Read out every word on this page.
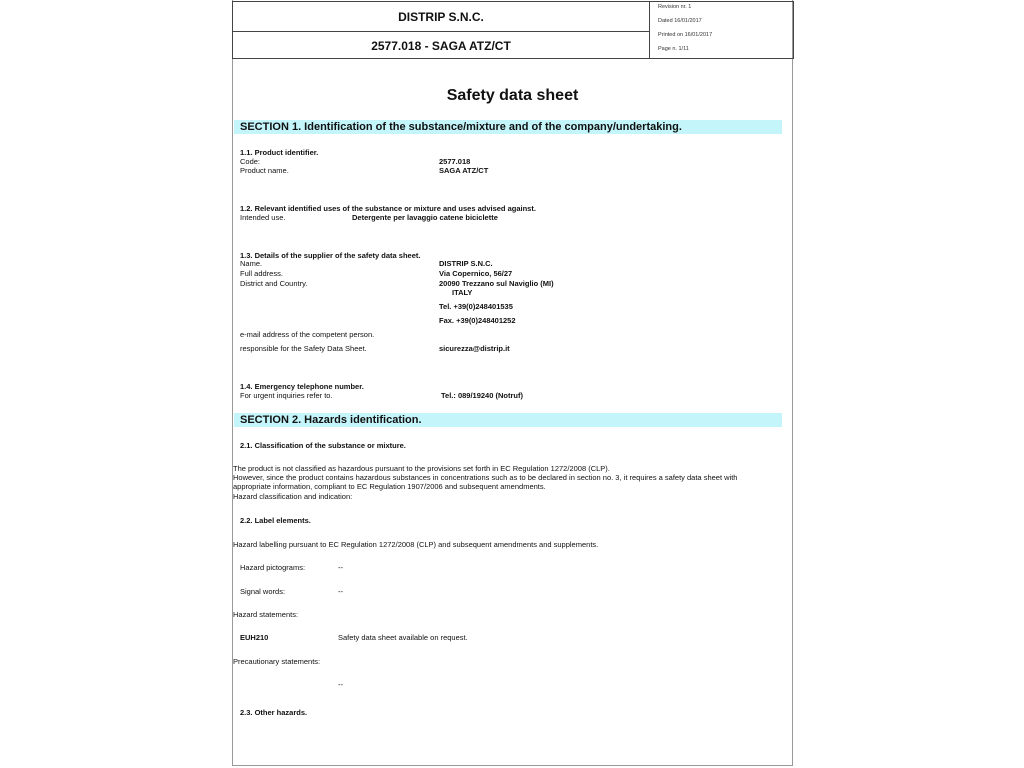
DISTRIP S.N.C.
2577.018 - SAGA ATZ/CT
Revision nr. 1
Dated 16/01/2017
Printed on 16/01/2017
Page n. 1/11
Safety data sheet
SECTION 1. Identification of the substance/mixture and of the company/undertaking.
1.1. Product identifier.
Code:	2577.018
Product name.	SAGA ATZ/CT
1.2. Relevant identified uses of the substance or mixture and uses advised against.
Intended use.	Detergente per lavaggio catene biciclette
1.3. Details of the supplier of the safety data sheet.
Name.	DISTRIP S.N.C.
Full address.	Via Copernico, 56/27
District and Country.	20090 Trezzano sul Naviglio (MI)
ITALY
Tel. +39(0)248401535
Fax. +39(0)248401252
e-mail address of the competent person.
responsible for the Safety Data Sheet.	sicurezza@distrip.it
1.4. Emergency telephone number.
For urgent inquiries refer to.	Tel.: 089/19240 (Notruf)
SECTION 2. Hazards identification.
2.1. Classification of the substance or mixture.
The product is not classified as hazardous pursuant to the provisions set forth in EC Regulation 1272/2008 (CLP).
However, since the product contains hazardous substances in concentrations such as to be declared in section no. 3, it requires a safety data sheet with
appropriate information, compliant to EC Regulation 1907/2006 and subsequent amendments.
Hazard classification and indication:
2.2. Label elements.
Hazard labelling pursuant to EC Regulation 1272/2008 (CLP) and subsequent amendments and supplements.
Hazard pictograms:	--
Signal words:	--
Hazard statements:
EUH210	Safety data sheet available on request.
Precautionary statements:
--
2.3. Other hazards.
